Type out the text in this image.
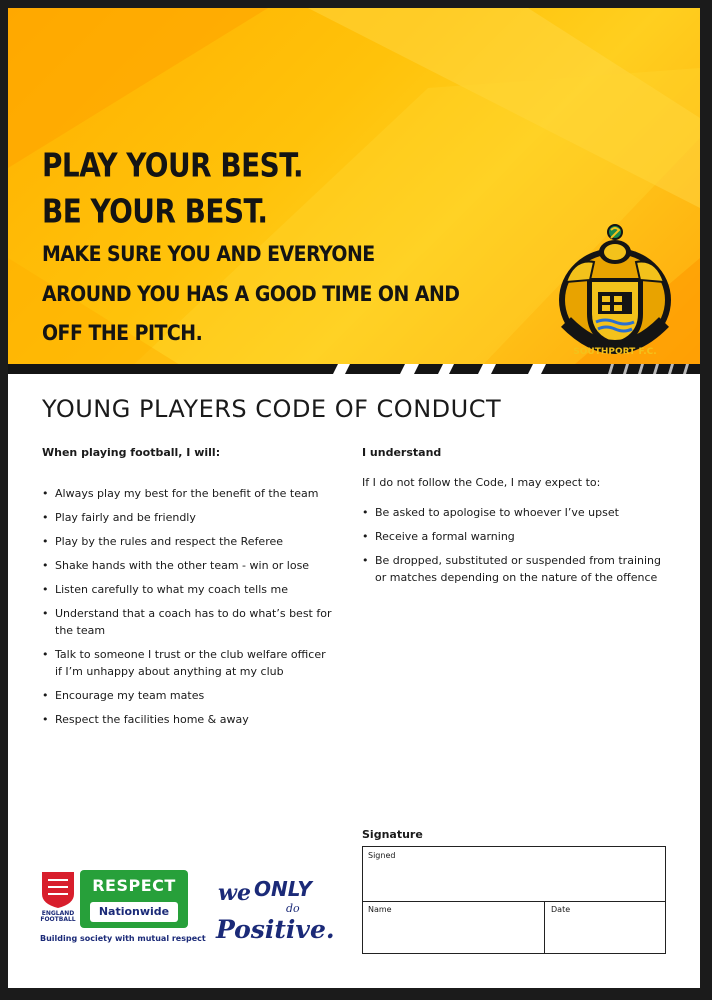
PLAY YOUR BEST.
BE YOUR BEST.
MAKE SURE YOU AND EVERYONE
AROUND YOU HAS A GOOD TIME ON AND
OFF THE PITCH.
SOUTHPORT F.C.
YOUNG PLAYERS CODE OF CONDUCT
When playing football, I will:
• Always play my best for the benefit of the team
• Play fairly and be friendly
• Play by the rules and respect the Referee
• Shake hands with the other team - win or lose
• Listen carefully to what my coach tells me
• Understand that a coach has to do what’s best for the team
• Talk to someone I trust or the club welfare officer if I’m unhappy about anything at my club
• Encourage my team mates
• Respect the facilities home & away
I understand
If I do not follow the Code, I may expect to:
• Be asked to apologise to whoever I’ve upset
• Receive a formal warning
• Be dropped, substituted or suspended from training or matches depending on the nature of the offence
Signature
Signed
Name	Date
ENGLAND
FOOTBALL
RESPECT
Nationwide
Building society with mutual respect
we ONLY
do
Positive.
